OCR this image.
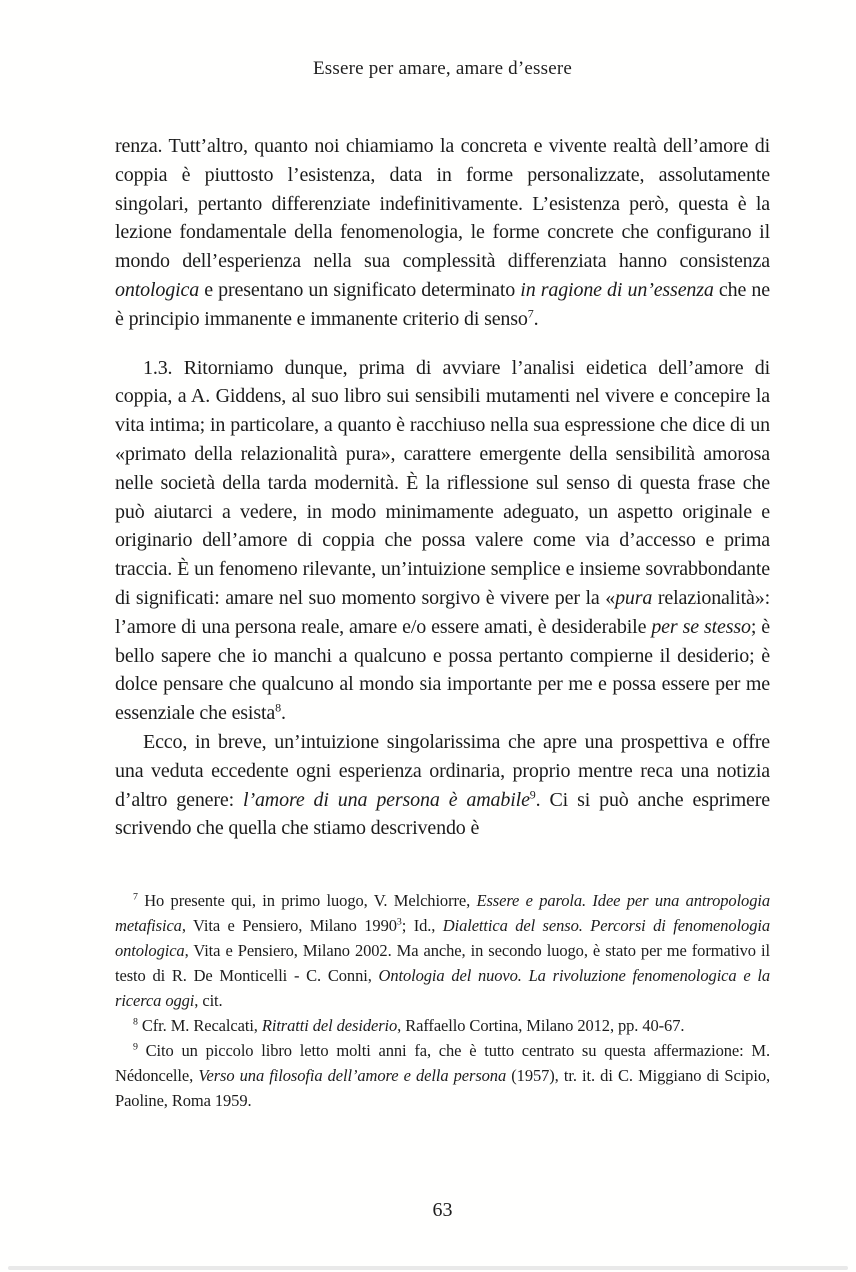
Essere per amare, amare d’essere

renza. Tutt’altro, quanto noi chiamiamo la concreta e vivente realtà dell’amore di coppia è piuttosto l’esistenza, data in forme personalizzate, assolutamente singolari, pertanto differenziate indefinitivamente. L’esistenza però, questa è la lezione fondamentale della fenomenologia, le forme concrete che configurano il mondo dell’esperienza nella sua complessità differenziata hanno consistenza ontologica e presentano un significato determinato in ragione di un’essenza che ne è principio immanente e immanente criterio di senso$^7$.

1.3. Ritorniamo dunque, prima di avviare l’analisi eidetica dell’amore di coppia, a A. Giddens, al suo libro sui sensibili mutamenti nel vivere e concepire la vita intima; in particolare, a quanto è racchiuso nella sua espressione che dice di un «primato della relazionalità pura», carattere emergente della sensibilità amorosa nelle società della tarda modernità. È la riflessione sul senso di questa frase che può aiutarci a vedere, in modo minimamente adeguato, un aspetto originale e originario dell’amore di coppia che possa valere come via d’accesso e prima traccia. È un fenomeno rilevante, un’intuizione semplice e insieme sovrabbondante di significati: amare nel suo momento sorgivo è vivere per la «pura relazionalità»: l’amore di una persona reale, amare e/o essere amati, è desiderabile per se stesso; è bello sapere che io manchi a qualcuno e possa pertanto compierne il desiderio; è dolce pensare che qualcuno al mondo sia importante per me e possa essere per me essenziale che esista$^8$.

Ecco, in breve, un’intuizione singolarissima che apre una prospettiva e offre una veduta eccedente ogni esperienza ordinaria, proprio mentre reca una notizia d’altro genere: l’amore di una persona è amabile$^9$. Ci si può anche esprimere scrivendo che quella che stiamo descrivendo è

$^7$ Ho presente qui, in primo luogo, V. Melchiorre, Essere e parola. Idee per una antropologia metafisica, Vita e Pensiero, Milano 1990$^3$; Id., Dialettica del senso. Percorsi di fenomenologia ontologica, Vita e Pensiero, Milano 2002. Ma anche, in secondo luogo, è stato per me formativo il testo di R. De Monticelli - C. Conni, Ontologia del nuovo. La rivoluzione fenomenologica e la ricerca oggi, cit.

$^8$ Cfr. M. Recalcati, Ritratti del desiderio, Raffaello Cortina, Milano 2012, pp. 40-67.

$^9$ Cito un piccolo libro letto molti anni fa, che è tutto centrato su questa affermazione: M. Nédoncelle, Verso una filosofia dell’amore e della persona (1957), tr. it. di C. Miggiano di Scipio, Paoline, Roma 1959.

63
